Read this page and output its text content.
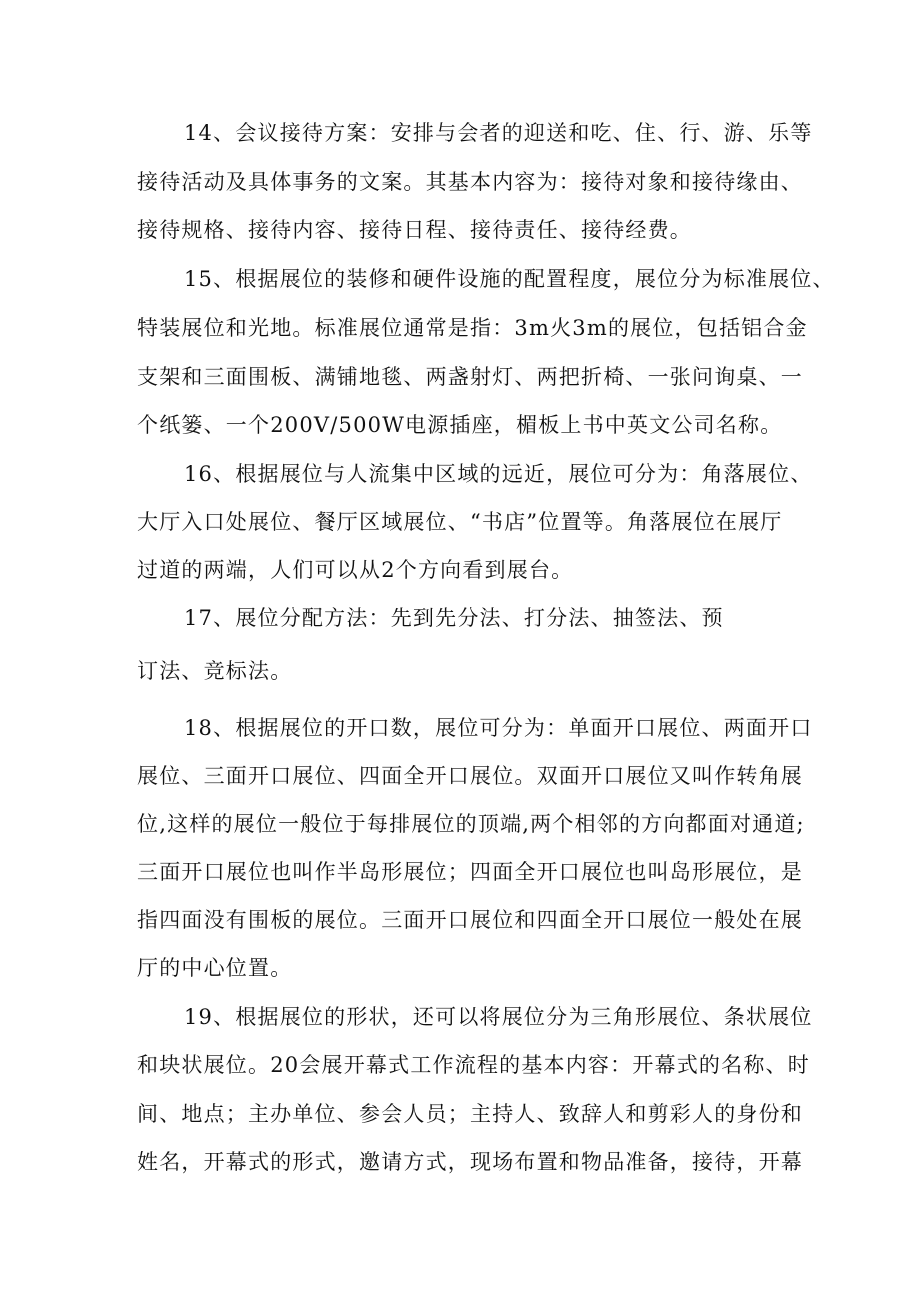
14、会议接待方案：安排与会者的迎送和吃、住、行、游、乐等
接待活动及具体事务的文案。其基本内容为：接待对象和接待缘由、
接待规格、接待内容、接待日程、接待责任、接待经费。
15、根据展位的装修和硬件设施的配置程度，展位分为标准展位、
特装展位和光地。标准展位通常是指：3m火3m的展位，包括铝合金
支架和三面围板、满铺地毯、两盏射灯、两把折椅、一张问询桌、一
个纸篓、一个200V/500W电源插座，楣板上书中英文公司名称。
16、根据展位与人流集中区域的远近，展位可分为：角落展位、
大厅入口处展位、餐厅区域展位、“书店”位置等。角落展位在展厅
过道的两端，人们可以从2个方向看到展台。
17、展位分配方法：先到先分法、打分法、抽签法、预
订法、竞标法。
18、根据展位的开口数，展位可分为：单面开口展位、两面开口
展位、三面开口展位、四面全开口展位。双面开口展位又叫作转角展
位,这样的展位一般位于每排展位的顶端,两个相邻的方向都面对通道;
三面开口展位也叫作半岛形展位；四面全开口展位也叫岛形展位，是
指四面没有围板的展位。三面开口展位和四面全开口展位一般处在展
厅的中心位置。
19、根据展位的形状，还可以将展位分为三角形展位、条状展位
和块状展位。20会展开幕式工作流程的基本内容：开幕式的名称、时
间、地点；主办单位、参会人员；主持人、致辞人和剪彩人的身份和
姓名，开幕式的形式，邀请方式，现场布置和物品准备，接待，开幕
